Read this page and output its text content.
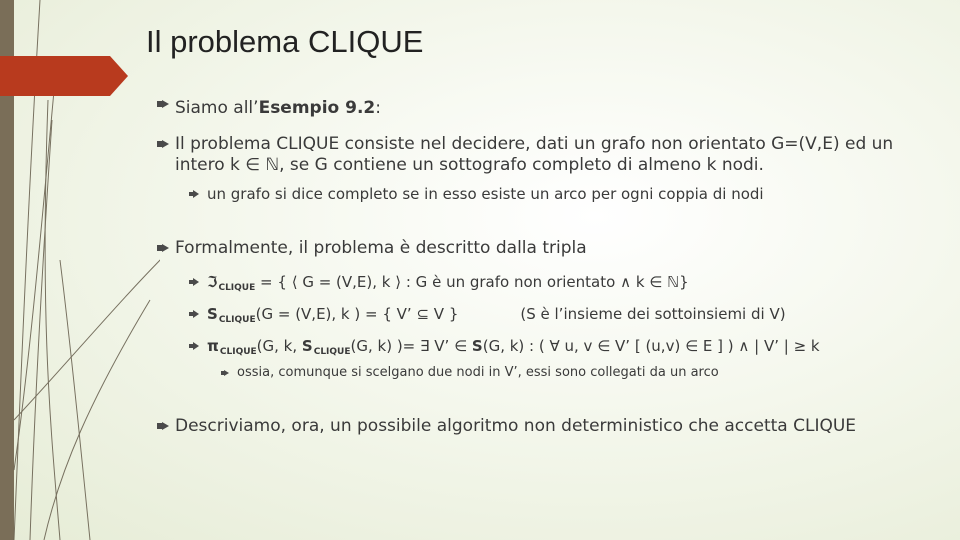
Il problema CLIQUE
Siamo all’Esempio 9.2:
Il problema CLIQUE consiste nel decidere, dati un grafo non orientato G=(V,E) ed un
intero k ∈ ℕ, se G contiene un sottografo completo di almeno k nodi.
un grafo si dice completo se in esso esiste un arco per ogni coppia di nodi
Formalmente, il problema è descritto dalla tripla
ℑ$_{CLIQUE}$ = { ⟨ G = (V,E), k ⟩ : G è un grafo non orientato ∧ k ∈ ℕ}
$S_{CLIQUE}(G = (V,E)$, k ) = { V’ ⊆ V }	(S è l’insieme dei sottoinsiemi di V)
$\pi_{CLIQUE}(G$, k, $S_{CLIQUE}(G$, k) )= ∃ V’ ∈ S(G, k) : ( ∀ u, v ∈ V’ [ (u,v) ∈ E ] ) ∧ | V’ | ≥ k
ossia, comunque si scelgano due nodi in V’, essi sono collegati da un arco
Descriviamo, ora, un possibile algoritmo non deterministico che accetta CLIQUE
